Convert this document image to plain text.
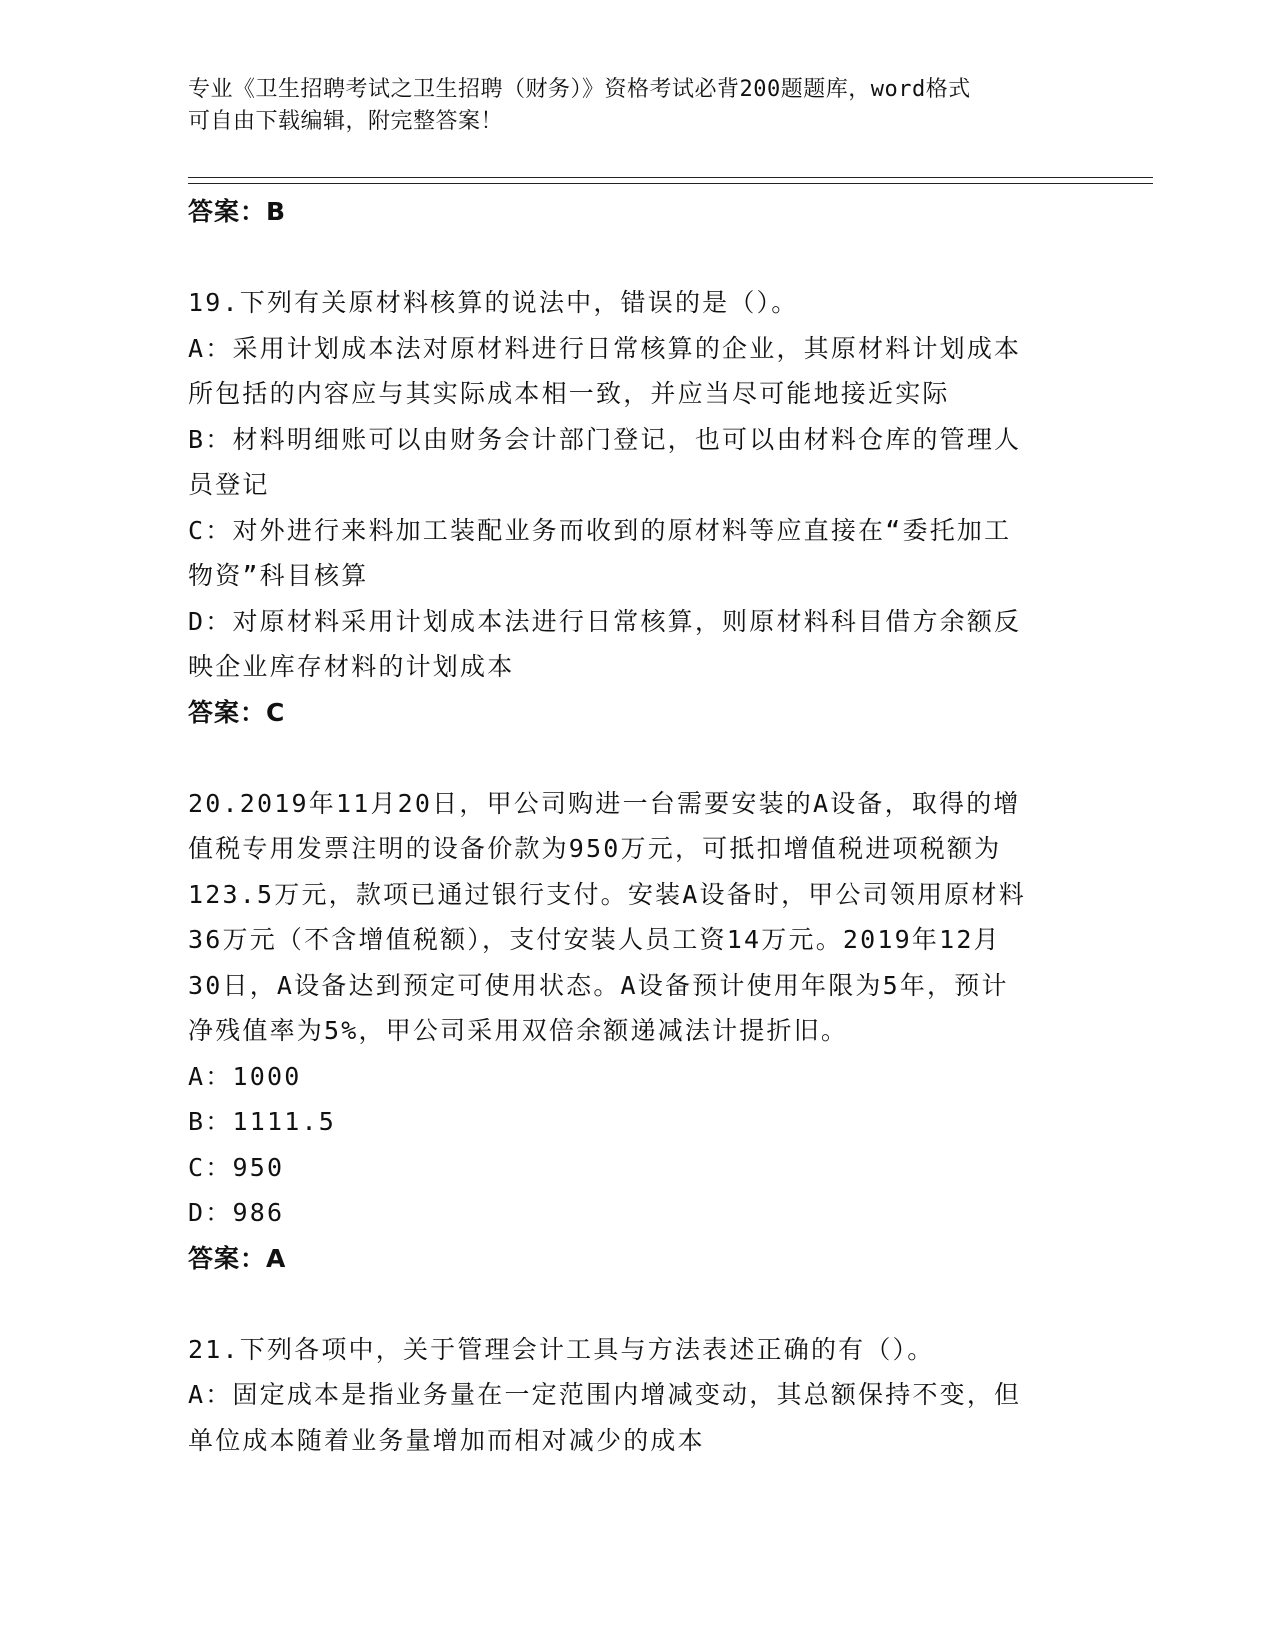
专业《卫生招聘考试之卫生招聘（财务）》资格考试必背200题题库，word格式
可自由下载编辑，附完整答案！
答案：B
19.下列有关原材料核算的说法中，错误的是（）。
A：采用计划成本法对原材料进行日常核算的企业，其原材料计划成本
所包括的内容应与其实际成本相一致，并应当尽可能地接近实际
B：材料明细账可以由财务会计部门登记，也可以由材料仓库的管理人
员登记
C：对外进行来料加工装配业务而收到的原材料等应直接在“委托加工
物资”科目核算
D：对原材料采用计划成本法进行日常核算，则原材料科目借方余额反
映企业库存材料的计划成本
答案：C
20.2019年11月20日，甲公司购进一台需要安装的A设备，取得的增
值税专用发票注明的设备价款为950万元，可抵扣增值税进项税额为
123.5万元，款项已通过银行支付。安装A设备时，甲公司领用原材料
36万元（不含增值税额），支付安装人员工资14万元。2019年12月
30日，A设备达到预定可使用状态。A设备预计使用年限为5年，预计
净残值率为5%，甲公司采用双倍余额递减法计提折旧。
A：1000
B：1111.5
C：950
D：986
答案：A
21.下列各项中，关于管理会计工具与方法表述正确的有（）。
A：固定成本是指业务量在一定范围内增减变动，其总额保持不变，但
单位成本随着业务量增加而相对减少的成本
